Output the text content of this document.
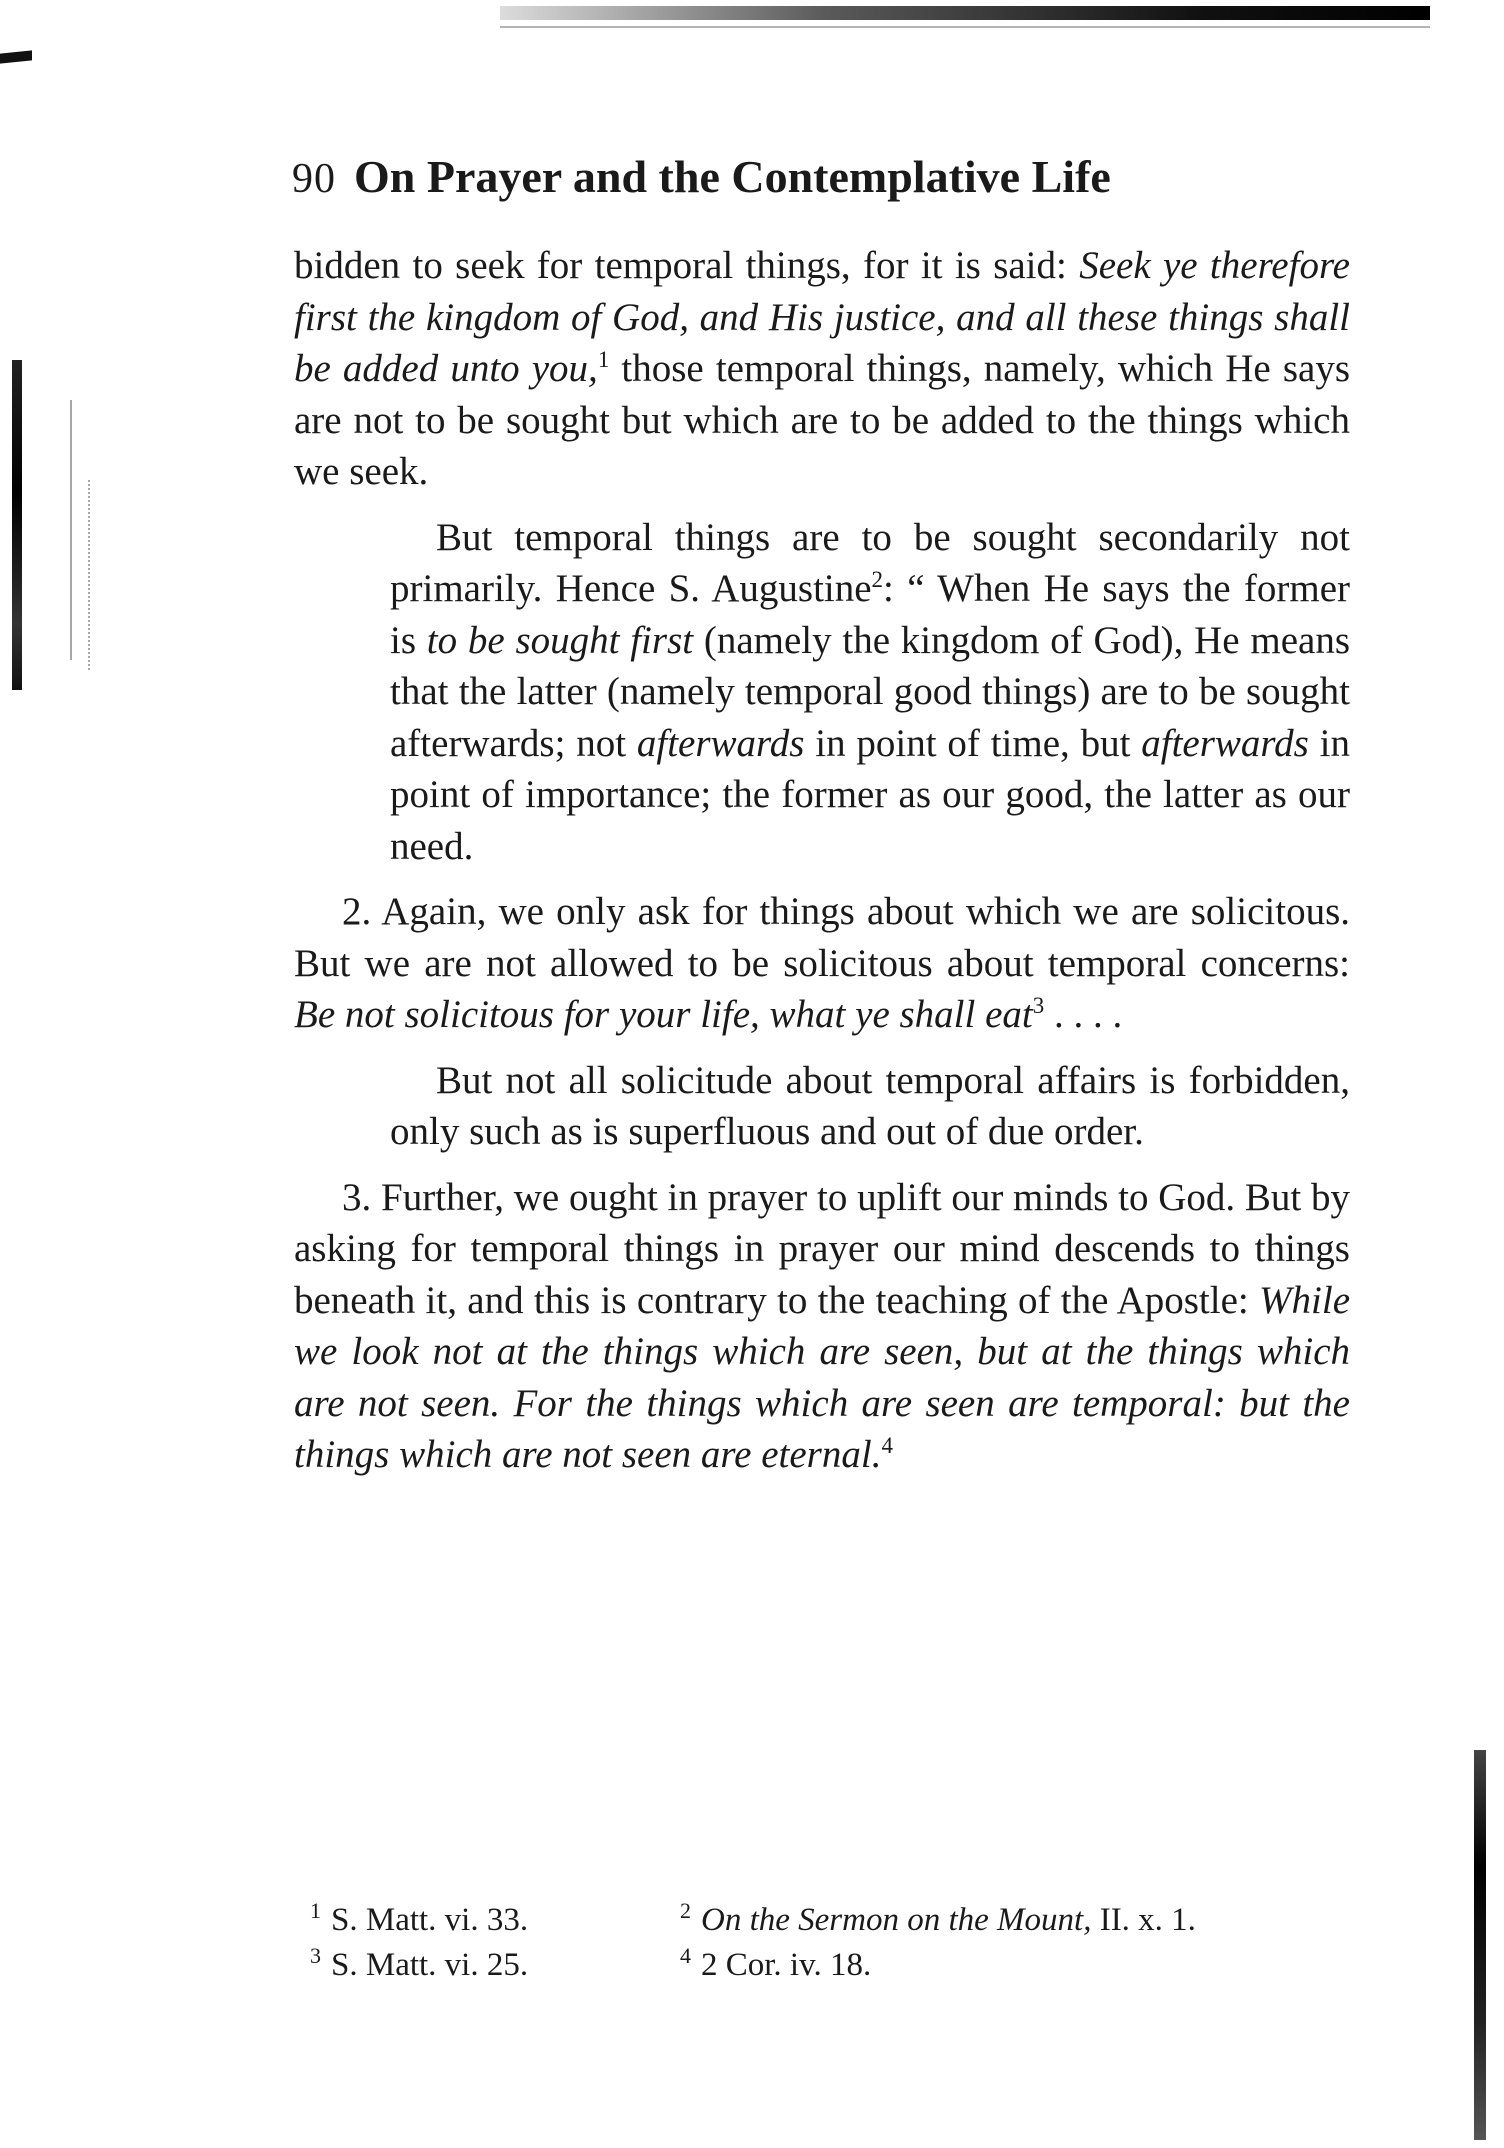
90 On Prayer and the Contemplative Life

bidden to seek for temporal things, for it is said: Seek ye therefore first the kingdom of God, and His justice, and all these things shall be added unto you,$^1$ those temporal things, namely, which He says are not to be sought but which are to be added to the things which we seek.

But temporal things are to be sought secondarily not primarily. Hence S. Augustine$^2$: “ When He says the former is to be sought first (namely the kingdom of God), He means that the latter (namely temporal good things) are to be sought afterwards; not afterwards in point of time, but afterwards in point of importance; the former as our good, the latter as our need.

2. Again, we only ask for things about which we are solicitous. But we are not allowed to be solicitous about temporal concerns: Be not solicitous for your life, what ye shall eat$^3$ . . . .

But not all solicitude about temporal affairs is forbidden, only such as is superfluous and out of due order.

3. Further, we ought in prayer to uplift our minds to God. But by asking for temporal things in prayer our mind descends to things beneath it, and this is contrary to the teaching of the Apostle: While we look not at the things which are seen, but at the things which are not seen. For the things which are seen are temporal: but the things which are not seen are eternal.$^4$

$^1$ S. Matt. vi. 33.	$^2$ On the Sermon on the Mount, II. x. 1.
$^3$ S. Matt. vi. 25.	$^4$ 2 Cor. iv. 18.
